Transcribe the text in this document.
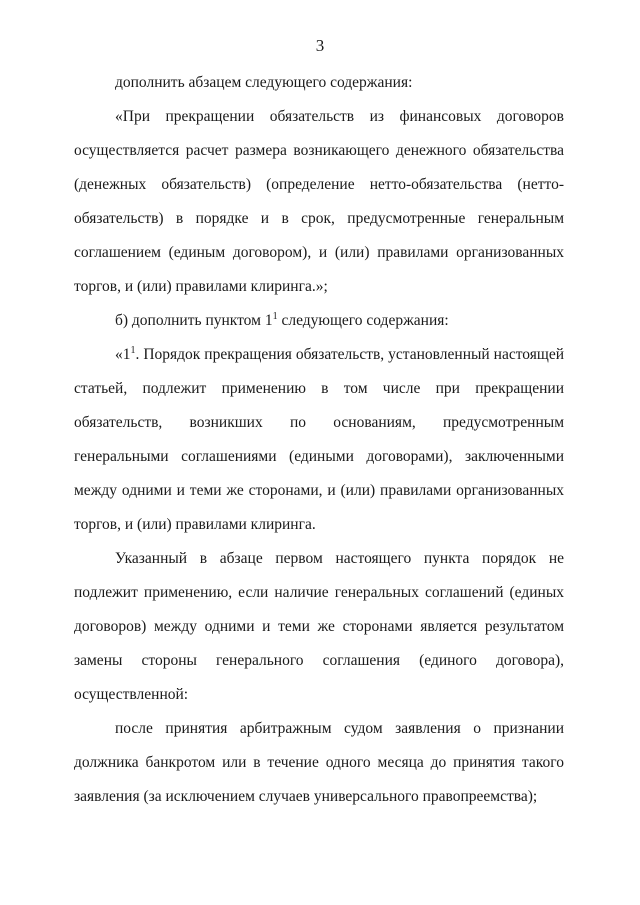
3

дополнить абзацем следующего содержания:

«При прекращении обязательств из финансовых договоров осуществляется расчет размера возникающего денежного обязательства (денежных обязательств) (определение нетто-обязательства (нетто-обязательств) в порядке и в срок, предусмотренные генеральным соглашением (единым договором), и (или) правилами организованных торгов, и (или) правилами клиринга.»;

б) дополнить пунктом $1^1$ следующего содержания:

«$1^1$. Порядок прекращения обязательств, установленный настоящей статьей, подлежит применению в том числе при прекращении обязательств, возникших по основаниям, предусмотренным генеральными соглашениями (едиными договорами), заключенными между одними и теми же сторонами, и (или) правилами организованных торгов, и (или) правилами клиринга.

Указанный в абзаце первом настоящего пункта порядок не подлежит применению, если наличие генеральных соглашений (единых договоров) между одними и теми же сторонами является результатом замены стороны генерального соглашения (единого договора), осуществленной:

после принятия арбитражным судом заявления о признании должника банкротом или в течение одного месяца до принятия такого заявления (за исключением случаев универсального правопреемства);
